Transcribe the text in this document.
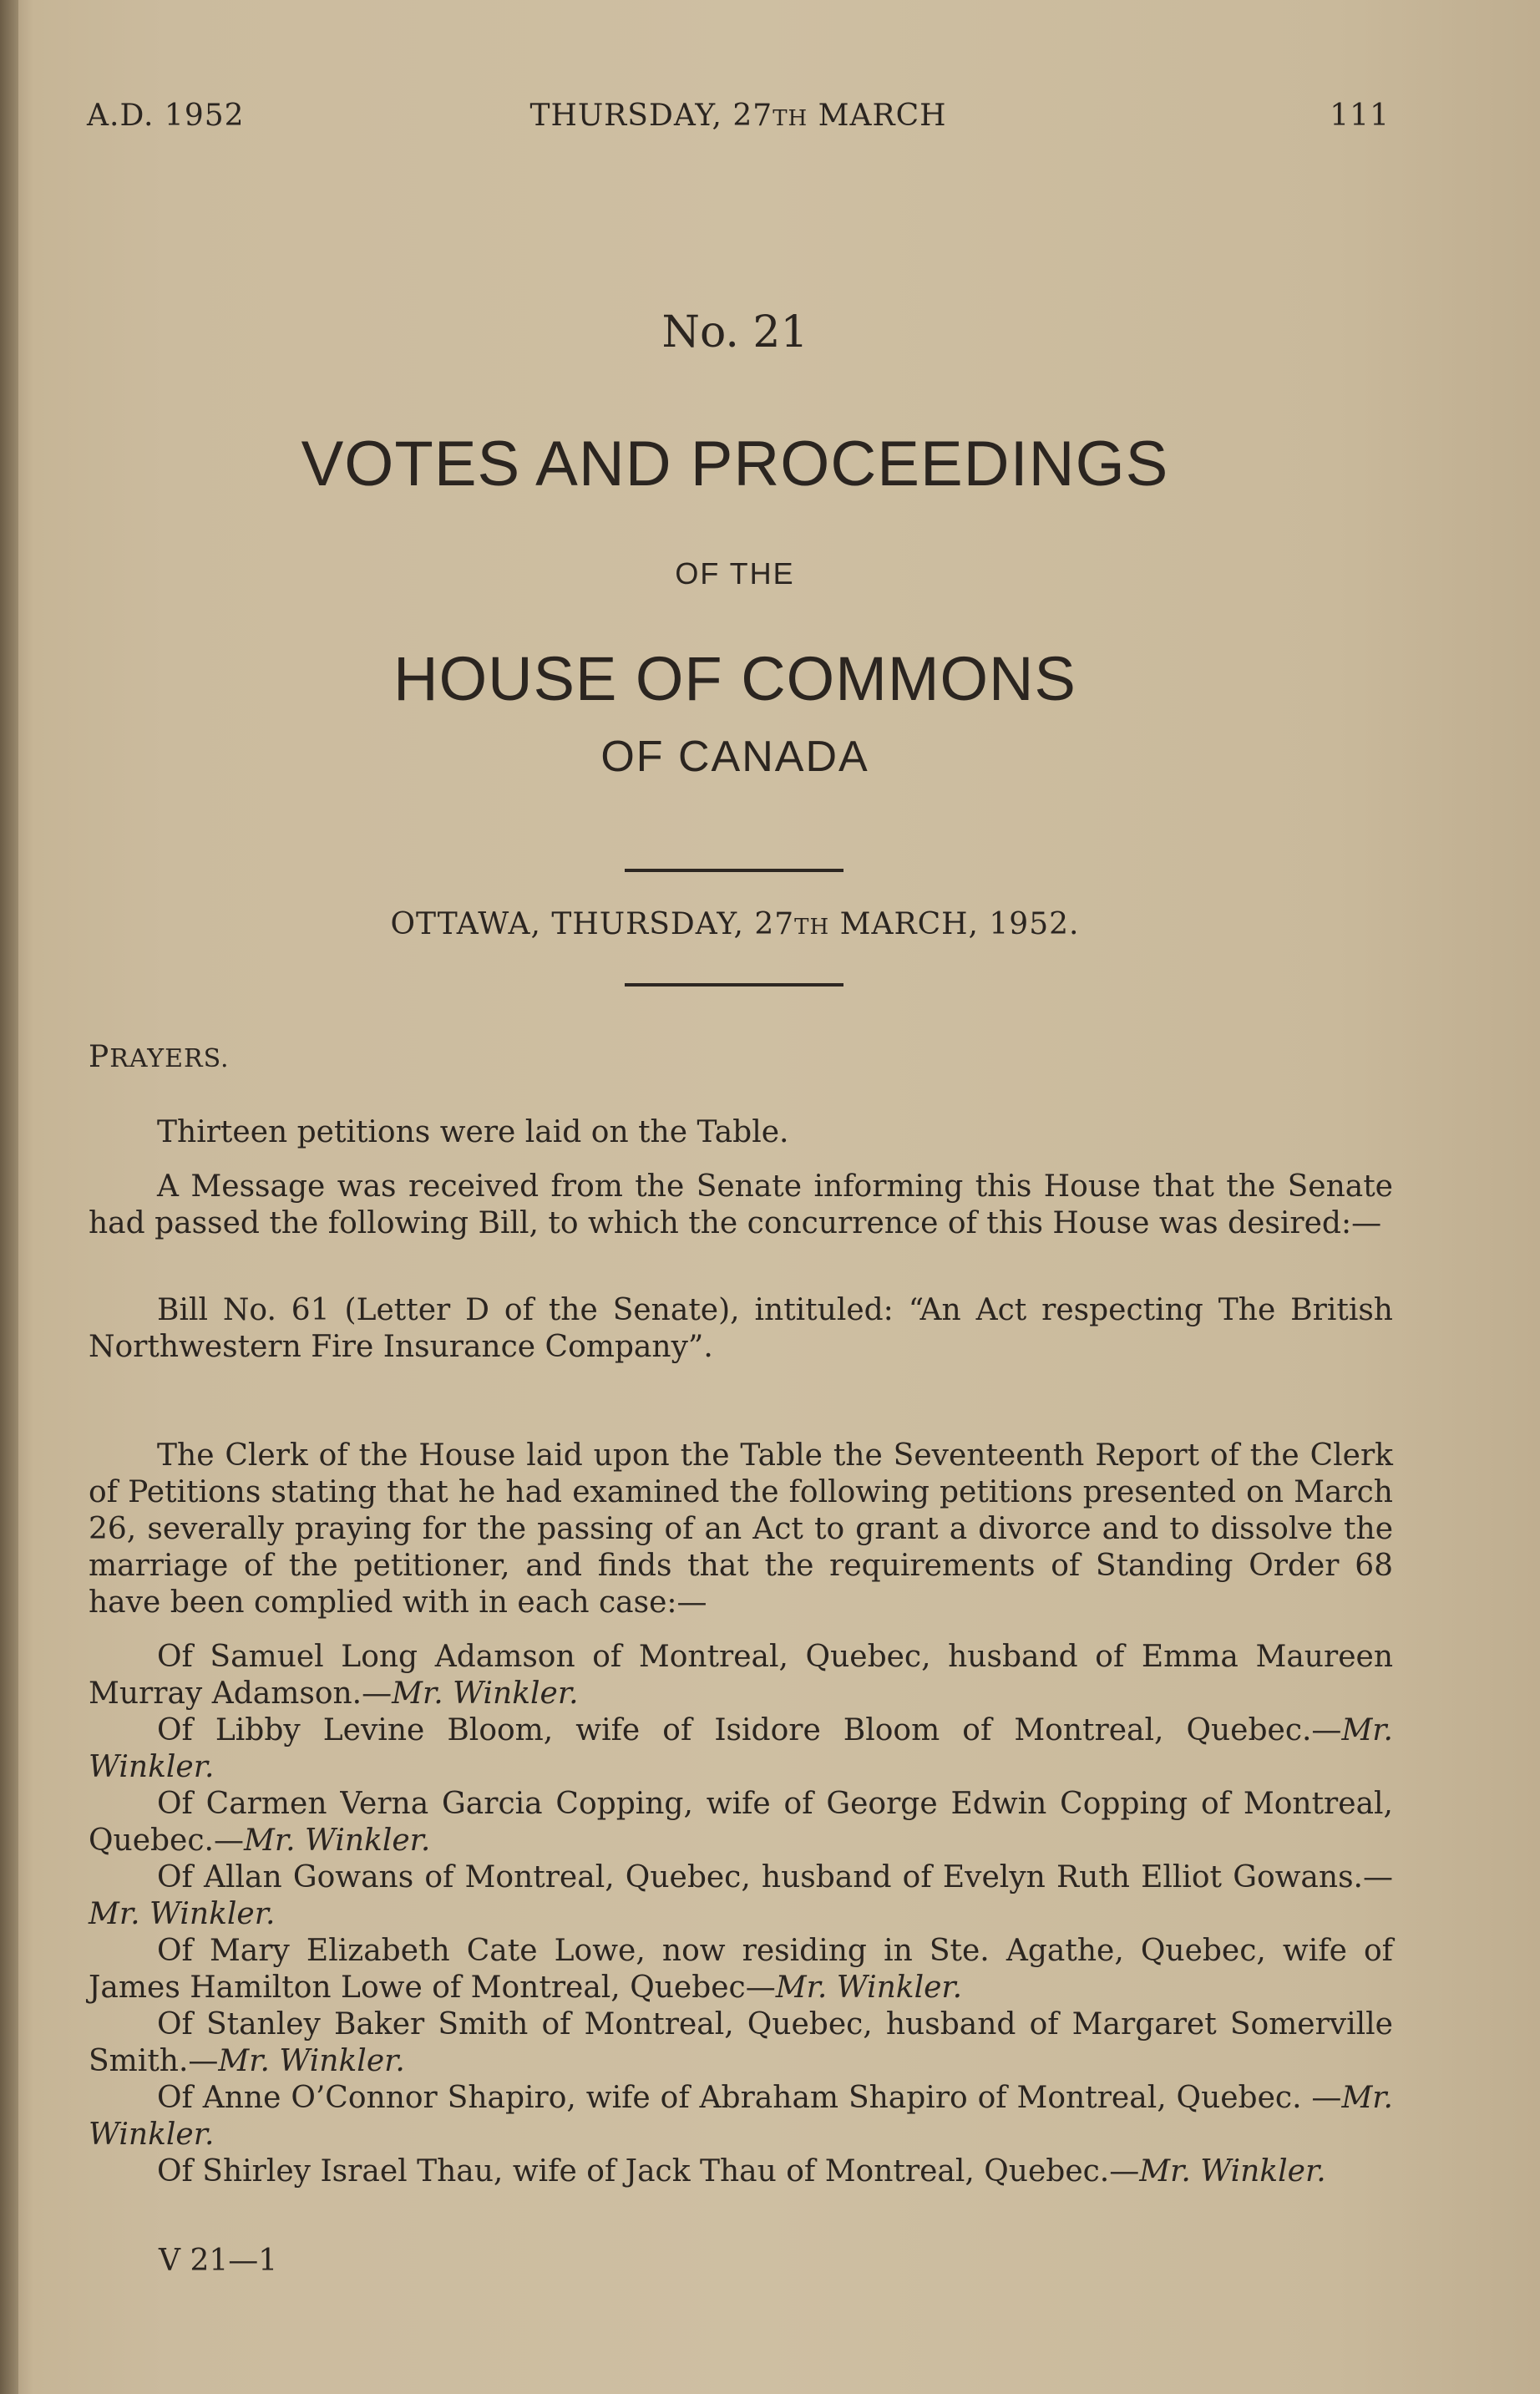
A.D. 1952	THURSDAY, 27TH MARCH	111
No. 21
VOTES AND PROCEEDINGS
OF THE
HOUSE OF COMMONS
OF CANADA
OTTAWA, THURSDAY, 27TH MARCH, 1952.
PRAYERS.
Thirteen petitions were laid on the Table.
A Message was received from the Senate informing this House that the Senate had passed the following Bill, to which the concurrence of this House was desired:—
Bill No. 61 (Letter D of the Senate), intituled: “An Act respecting The British Northwestern Fire Insurance Company”.
The Clerk of the House laid upon the Table the Seventeenth Report of the Clerk of Petitions stating that he had examined the following petitions presented on March 26, severally praying for the passing of an Act to grant a divorce and to dissolve the marriage of the petitioner, and finds that the requirements of Standing Order 68 have been complied with in each case:—

Of Samuel Long Adamson of Montreal, Quebec, husband of Emma Maureen Murray Adamson.—Mr. Winkler.

Of Libby Levine Bloom, wife of Isidore Bloom of Montreal, Quebec.—Mr. Winkler.

Of Carmen Verna Garcia Copping, wife of George Edwin Copping of Montreal, Quebec.—Mr. Winkler.

Of Allan Gowans of Montreal, Quebec, husband of Evelyn Ruth Elliot Gowans.—Mr. Winkler.

Of Mary Elizabeth Cate Lowe, now residing in Ste. Agathe, Quebec, wife of James Hamilton Lowe of Montreal, Quebec—Mr. Winkler.

Of Stanley Baker Smith of Montreal, Quebec, husband of Margaret Somerville Smith.—Mr. Winkler.

Of Anne O’Connor Shapiro, wife of Abraham Shapiro of Montreal, Quebec. —Mr. Winkler.

Of Shirley Israel Thau, wife of Jack Thau of Montreal, Quebec.—Mr. Winkler.

V 21—1
